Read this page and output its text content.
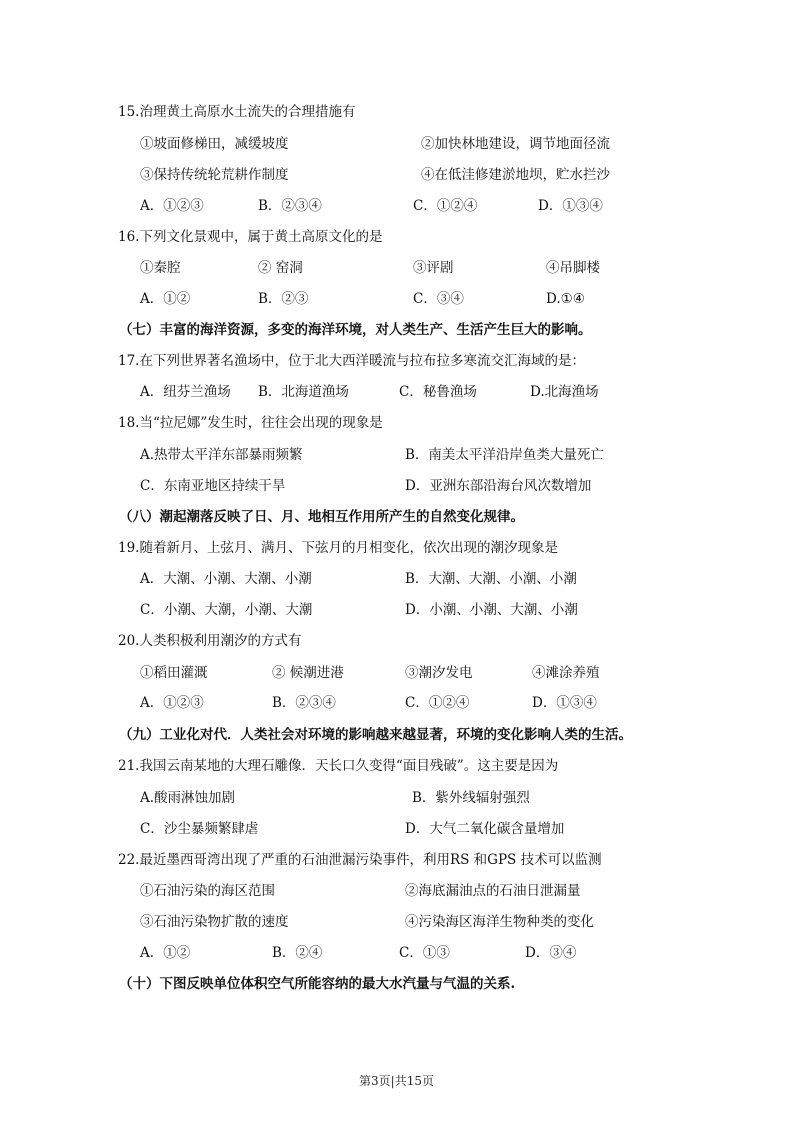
15.治理黄土高原水土流失的合理措施有
①坡面修梯田，减缓坡度	②加快林地建设，调节地面径流
③保持传统轮荒耕作制度	④在低洼修建淤地坝，贮水拦沙
A．①②③	B．②③④	C．①②④	D．①③④
16.下列文化景观中，属于黄土高原文化的是
①秦腔	② 窑洞	③评剧	④吊脚楼
A．①②	B．②③	C．③④	D.①④
（七）丰富的海洋资源，多变的海洋环境，对人类生产、生活产生巨大的影响。
17.在下列世界著名渔场中，位于北大西洋暖流与拉布拉多寒流交汇海域的是：
A．纽芬兰渔场 B．北海道渔场	C．秘鲁渔场	D.北海渔场
18.当“拉尼娜”发生时，往往会出现的现象是
A.热带太平洋东部暴雨频繁	B．南美太平洋沿岸鱼类大量死亡
C．东南亚地区持续干旱	D．亚洲东部沿海台风次数增加
（八）潮起潮落反映了日、月、地相互作用所产生的自然变化规律。
19.随着新月、上弦月、满月、下弦月的月相变化，依次出现的潮汐现象是
A．大潮、小潮、大潮、小潮	B．大潮、大潮、小潮、小潮
C．小潮、大潮，小潮、大潮	D．小潮、小潮、大潮、小潮
20.人类积极利用潮汐的方式有
①稻田灌溉	② 候潮进港	③潮汐发电	④滩涂养殖
A．①②③	B．②③④	C．①②④	D．①③④
（九）工业化对代．人类社会对环境的影响越来越显著，环境的变化影响人类的生活。
21.我国云南某地的大理石雕像．天长口久变得“面目残破”。这主要是因为
A.酸雨淋蚀加剧	B．紫外线辐射强烈
C．沙尘暴频繁肆虐	D．大气二氧化碳含量增加
22.最近墨西哥湾出现了严重的石油泄漏污染事件，利用RS 和GPS 技术可以监测
①石油污染的海区范围	②海底漏油点的石油日泄漏量
③石油污染物扩散的速度	④污染海区海洋生物种类的变化
A．①②	B．②④	C．①③	D．③④
（十）下图反映单位体积空气所能容纳的最大水汽量与气温的关系.
第3页|共15页
